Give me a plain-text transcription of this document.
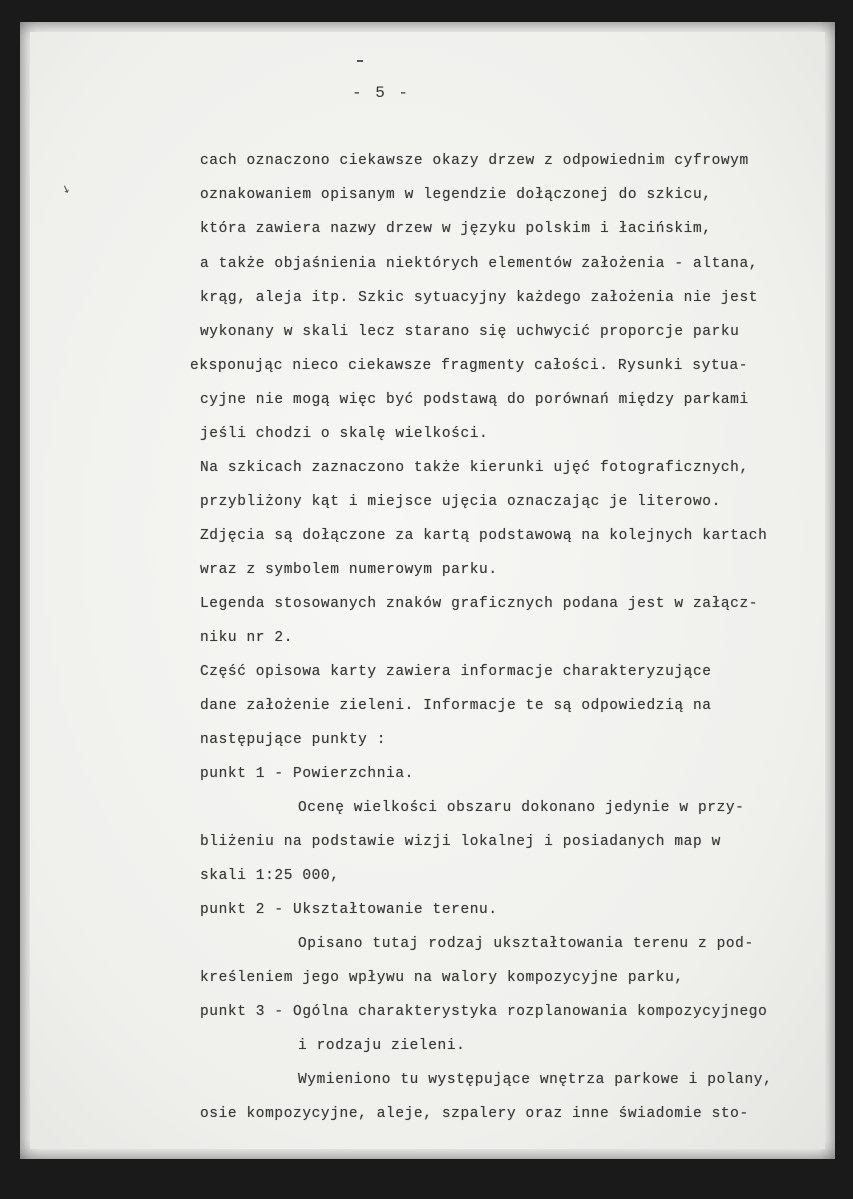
- 5 -
↘
cach oznaczono ciekawsze okazy drzew z odpowiednim cyfrowym
oznakowaniem opisanym w legendzie dołączonej do szkicu,
która zawiera nazwy drzew w języku polskim i łacińskim,
a także objaśnienia niektórych elementów założenia - altana,
krąg, aleja itp. Szkic sytuacyjny każdego założenia nie jest
wykonany w skali lecz starano się uchwycić proporcje parku
eksponując nieco ciekawsze fragmenty całości. Rysunki sytua-
cyjne nie mogą więc być podstawą do porównań między parkami
jeśli chodzi o skalę wielkości.
Na szkicach zaznaczono także kierunki ujęć fotograficznych,
przybliżony kąt i miejsce ujęcia oznaczając je literowo.
Zdjęcia są dołączone za kartą podstawową na kolejnych kartach
wraz z symbolem numerowym parku.
Legenda stosowanych znaków graficznych podana jest w załącz-
niku nr 2.
Część opisowa karty zawiera informacje charakteryzujące
dane założenie zieleni. Informacje te są odpowiedzią na
następujące punkty :
punkt 1 - Powierzchnia.
Ocenę wielkości obszaru dokonano jedynie w przy-
bliżeniu na podstawie wizji lokalnej i posiadanych map w
skali 1:25 000,
punkt 2 - Ukształtowanie terenu.
Opisano tutaj rodzaj ukształtowania terenu z pod-
kreśleniem jego wpływu na walory kompozycyjne parku,
punkt 3 - Ogólna charakterystyka rozplanowania kompozycyjnego
i rodzaju zieleni.
Wymieniono tu występujące wnętrza parkowe i polany,
osie kompozycyjne, aleje, szpalery oraz inne świadomie sto-
